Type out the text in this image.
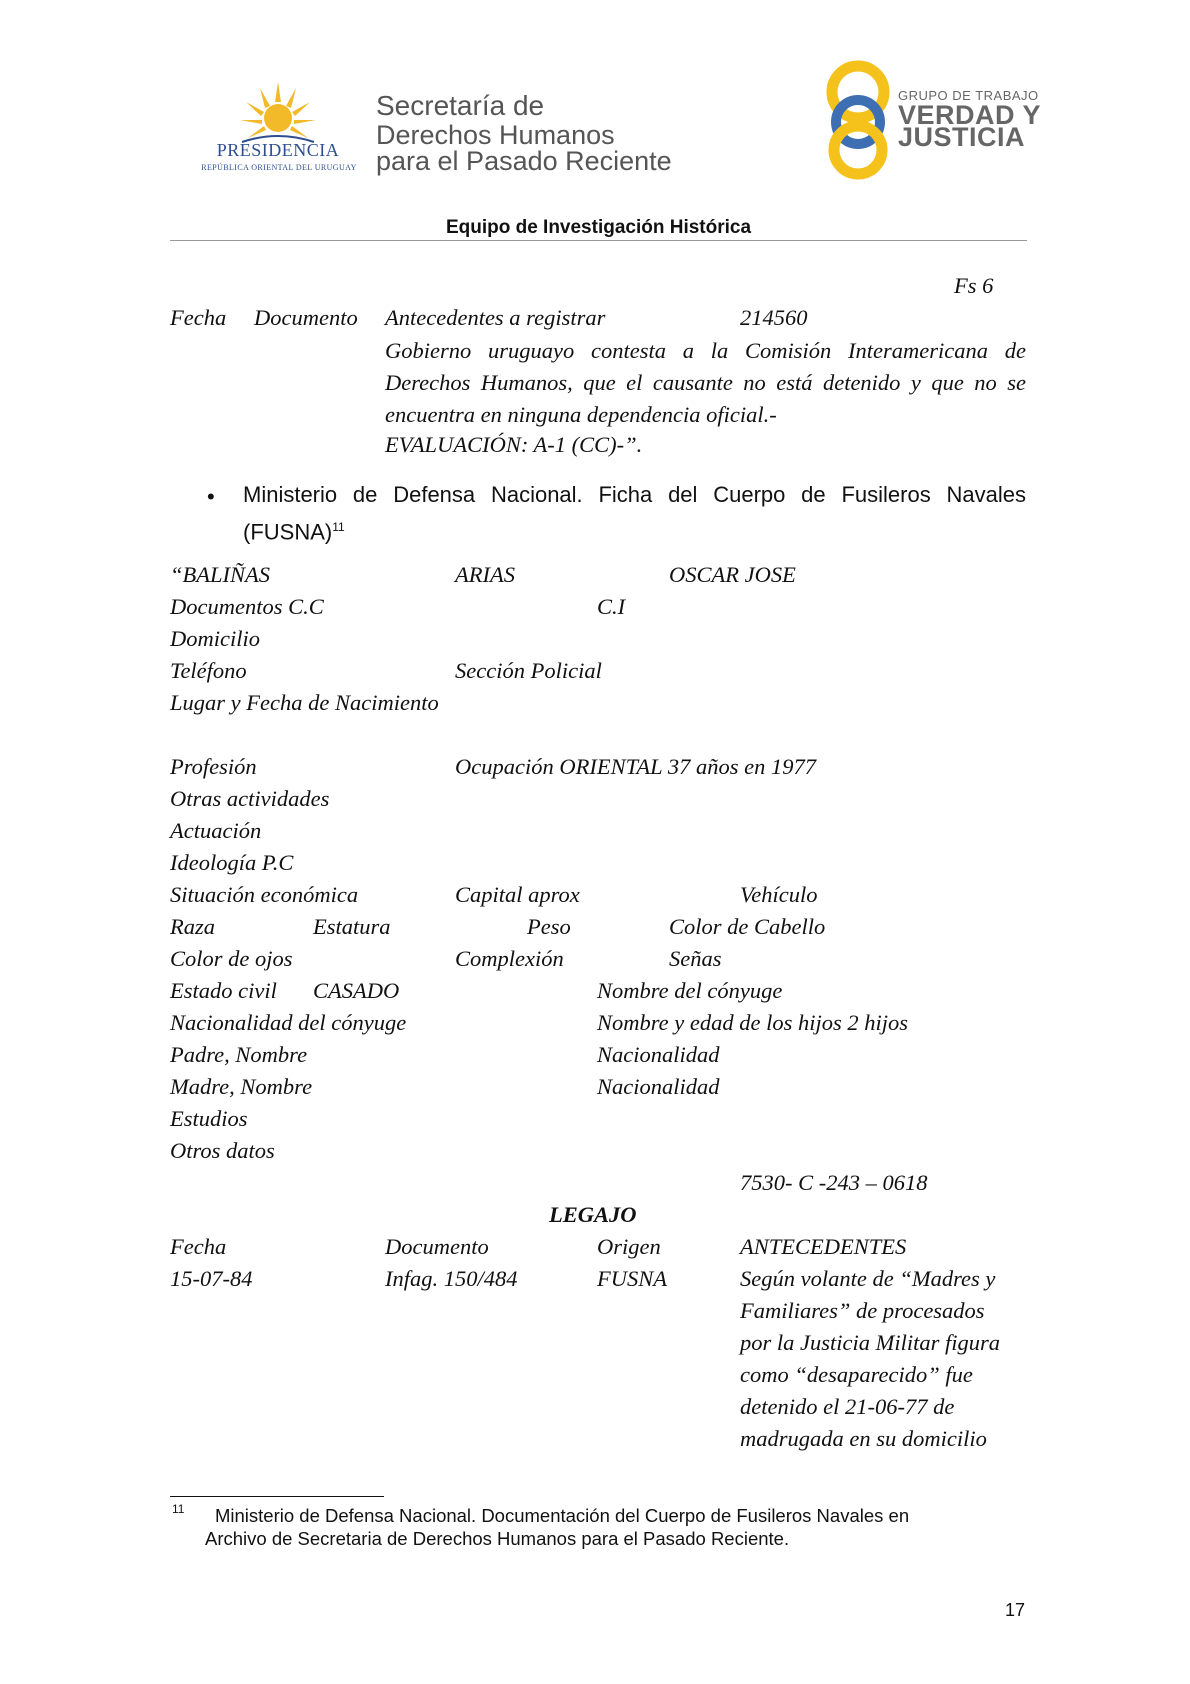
PRESIDENCIA
REPÚBLICA ORIENTAL DEL URUGUAY
Secretaría de
Derechos Humanos
para el Pasado Reciente
GRUPO DE TRABAJO
VERDAD Y
JUSTICIA
Equipo de Investigación Histórica
Fs 6
Fecha Documento Antecedentes a registrar	214560
Gobierno uruguayo contesta a la Comisión Interamericana de Derechos Humanos, que el causante no está detenido y que no se encuentra en ninguna dependencia oficial.-
EVALUACIÓN: A-1 (CC)-”.
• Ministerio de Defensa Nacional. Ficha del Cuerpo de Fusileros Navales (FUSNA)$^{11}$
“BALIÑAS	ARIAS	OSCAR JOSE
Documentos C.C	C.I
Domicilio
Teléfono	Sección Policial
Lugar y Fecha de Nacimiento
Profesión	Ocupación ORIENTAL 37 años en 1977
Otras actividades
Actuación
Ideología P.C
Situación económica	Capital aprox	Vehículo
Raza	Estatura	Peso	Color de Cabello
Color de ojos	Complexión	Señas
Estado civil CASADO	Nombre del cónyuge
Nacionalidad del cónyuge	Nombre y edad de los hijos 2 hijos
Padre, Nombre	Nacionalidad
Madre, Nombre	Nacionalidad
Estudios
Otros datos
7530- C -243 – 0618
LEGAJO
Fecha	Documento	Origen	ANTECEDENTES
15-07-84	Infag. 150/484	FUSNA	Según volante de “Madres y
Familiares” de procesados
por la Justicia Militar figura
como “desaparecido” fue
detenido el 21-06-77 de
madrugada en su domicilio
11	Ministerio de Defensa Nacional. Documentación del Cuerpo de Fusileros Navales en
Archivo de Secretaria de Derechos Humanos para el Pasado Reciente.
17
